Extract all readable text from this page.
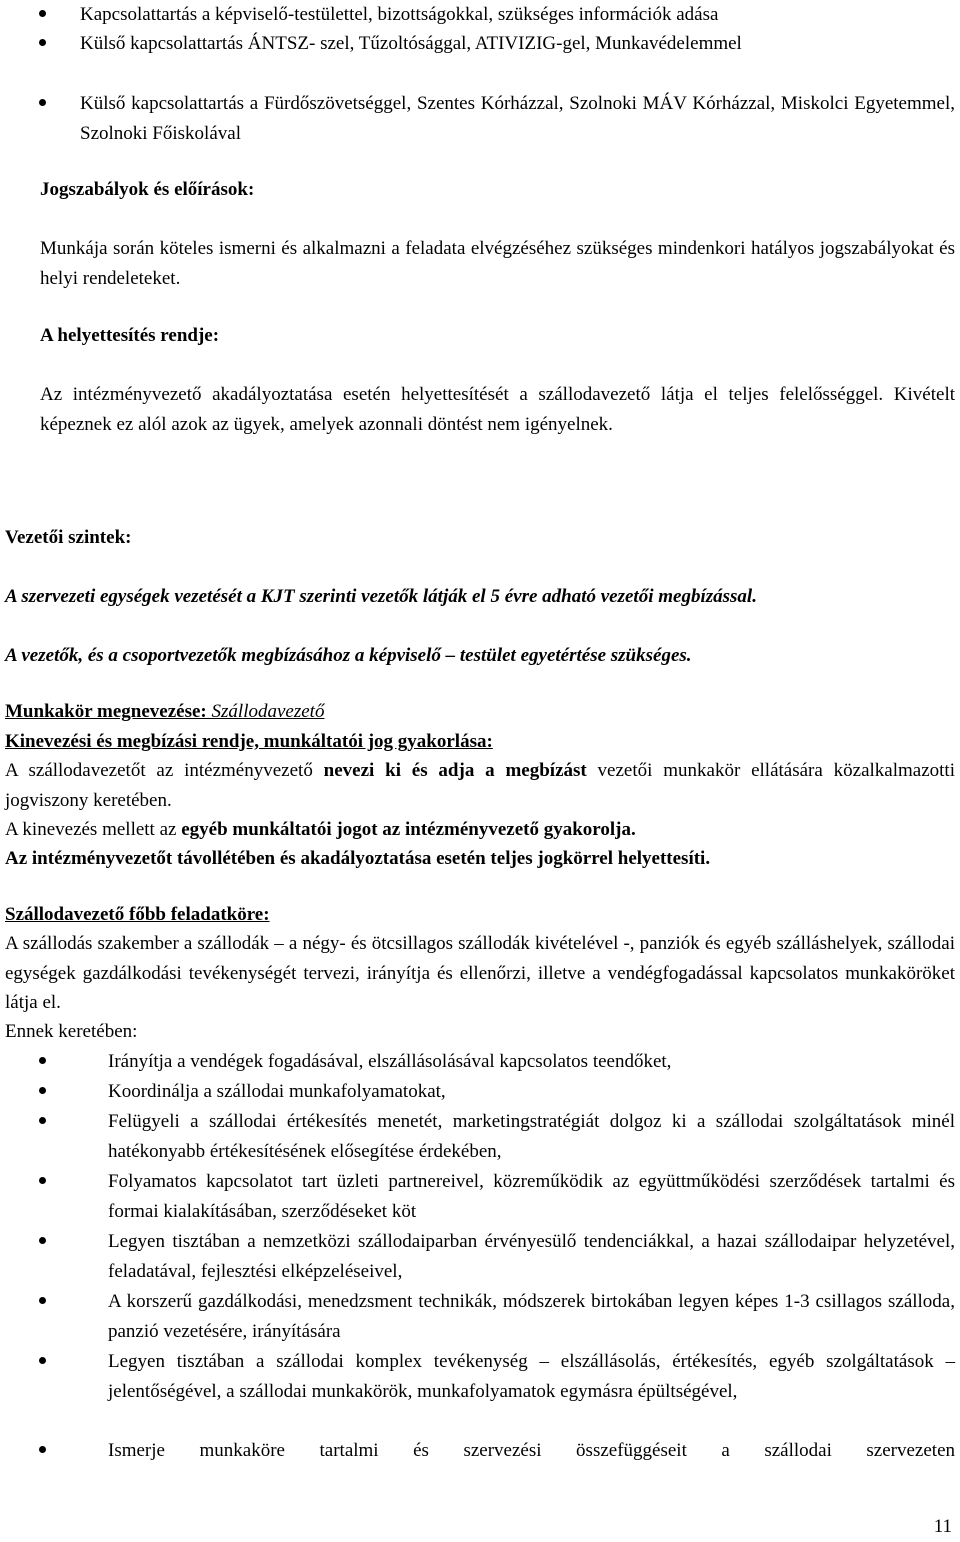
Kapcsolattartás a képviselő-testülettel, bizottságokkal, szükséges információk adása
Külső kapcsolattartás ÁNTSZ- szel, Tűzoltósággal, ATIVIZIG-gel, Munkavédelemmel
Külső kapcsolattartás a Fürdőszövetséggel, Szentes Kórházzal, Szolnoki MÁV Kórházzal, Miskolci Egyetemmel, Szolnoki Főiskolával

Jogszabályok és előírások:

Munkája során köteles ismerni és alkalmazni a feladata elvégzéséhez szükséges mindenkori hatályos jogszabályokat és helyi rendeleteket.

A helyettesítés rendje:

Az intézményvezető akadályoztatása esetén helyettesítését a szállodavezető látja el teljes felelősséggel. Kivételt képeznek ez alól azok az ügyek, amelyek azonnali döntést nem igényelnek.

Vezetői szintek:

A szervezeti egységek vezetését a KJT szerinti vezetők látják el 5 évre adható vezetői megbízással.

A vezetők, és a csoportvezetők megbízásához a képviselő – testület egyetértése szükséges.

Munkakör megnevezése: Szállodavezető

Kinevezési és megbízási rendje, munkáltatói jog gyakorlása:

A szállodavezetőt az intézményvezető nevezi ki és adja a megbízást vezetői munkakör ellátására közalkalmazotti jogviszony keretében.

A kinevezés mellett az egyéb munkáltatói jogot az intézményvezető gyakorolja.

Az intézményvezetőt távollétében és akadályoztatása esetén teljes jogkörrel helyettesíti.

Szállodavezető főbb feladatköre:

A szállodás szakember a szállodák – a négy- és ötcsillagos szállodák kivételével -, panziók és egyéb szálláshelyek, szállodai egységek gazdálkodási tevékenységét tervezi, irányítja és ellenőrzi, illetve a vendégfogadással kapcsolatos munkaköröket látja el.

Ennek keretében:

Irányítja a vendégek fogadásával, elszállásolásával kapcsolatos teendőket,
Koordinálja a szállodai munkafolyamatokat,
Felügyeli a szállodai értékesítés menetét, marketingstratégiát dolgoz ki a szállodai szolgáltatások minél hatékonyabb értékesítésének elősegítése érdekében,
Folyamatos kapcsolatot tart üzleti partnereivel, közreműködik az együttműködési szerződések tartalmi és formai kialakításában, szerződéseket köt
Legyen tisztában a nemzetközi szállodaiparban érvényesülő tendenciákkal, a hazai szállodaipar helyzetével, feladatával, fejlesztési elképzeléseivel,
A korszerű gazdálkodási, menedzsment technikák, módszerek birtokában legyen képes 1-3 csillagos szálloda, panzió vezetésére, irányítására
Legyen tisztában a szállodai komplex tevékenység – elszállásolás, értékesítés, egyéb szolgáltatások – jelentőségével, a szállodai munkakörök, munkafolyamatok egymásra épültségével,
Ismerje munkaköre tartalmi és szervezési összefüggéseit a szállodai szervezeten
11
